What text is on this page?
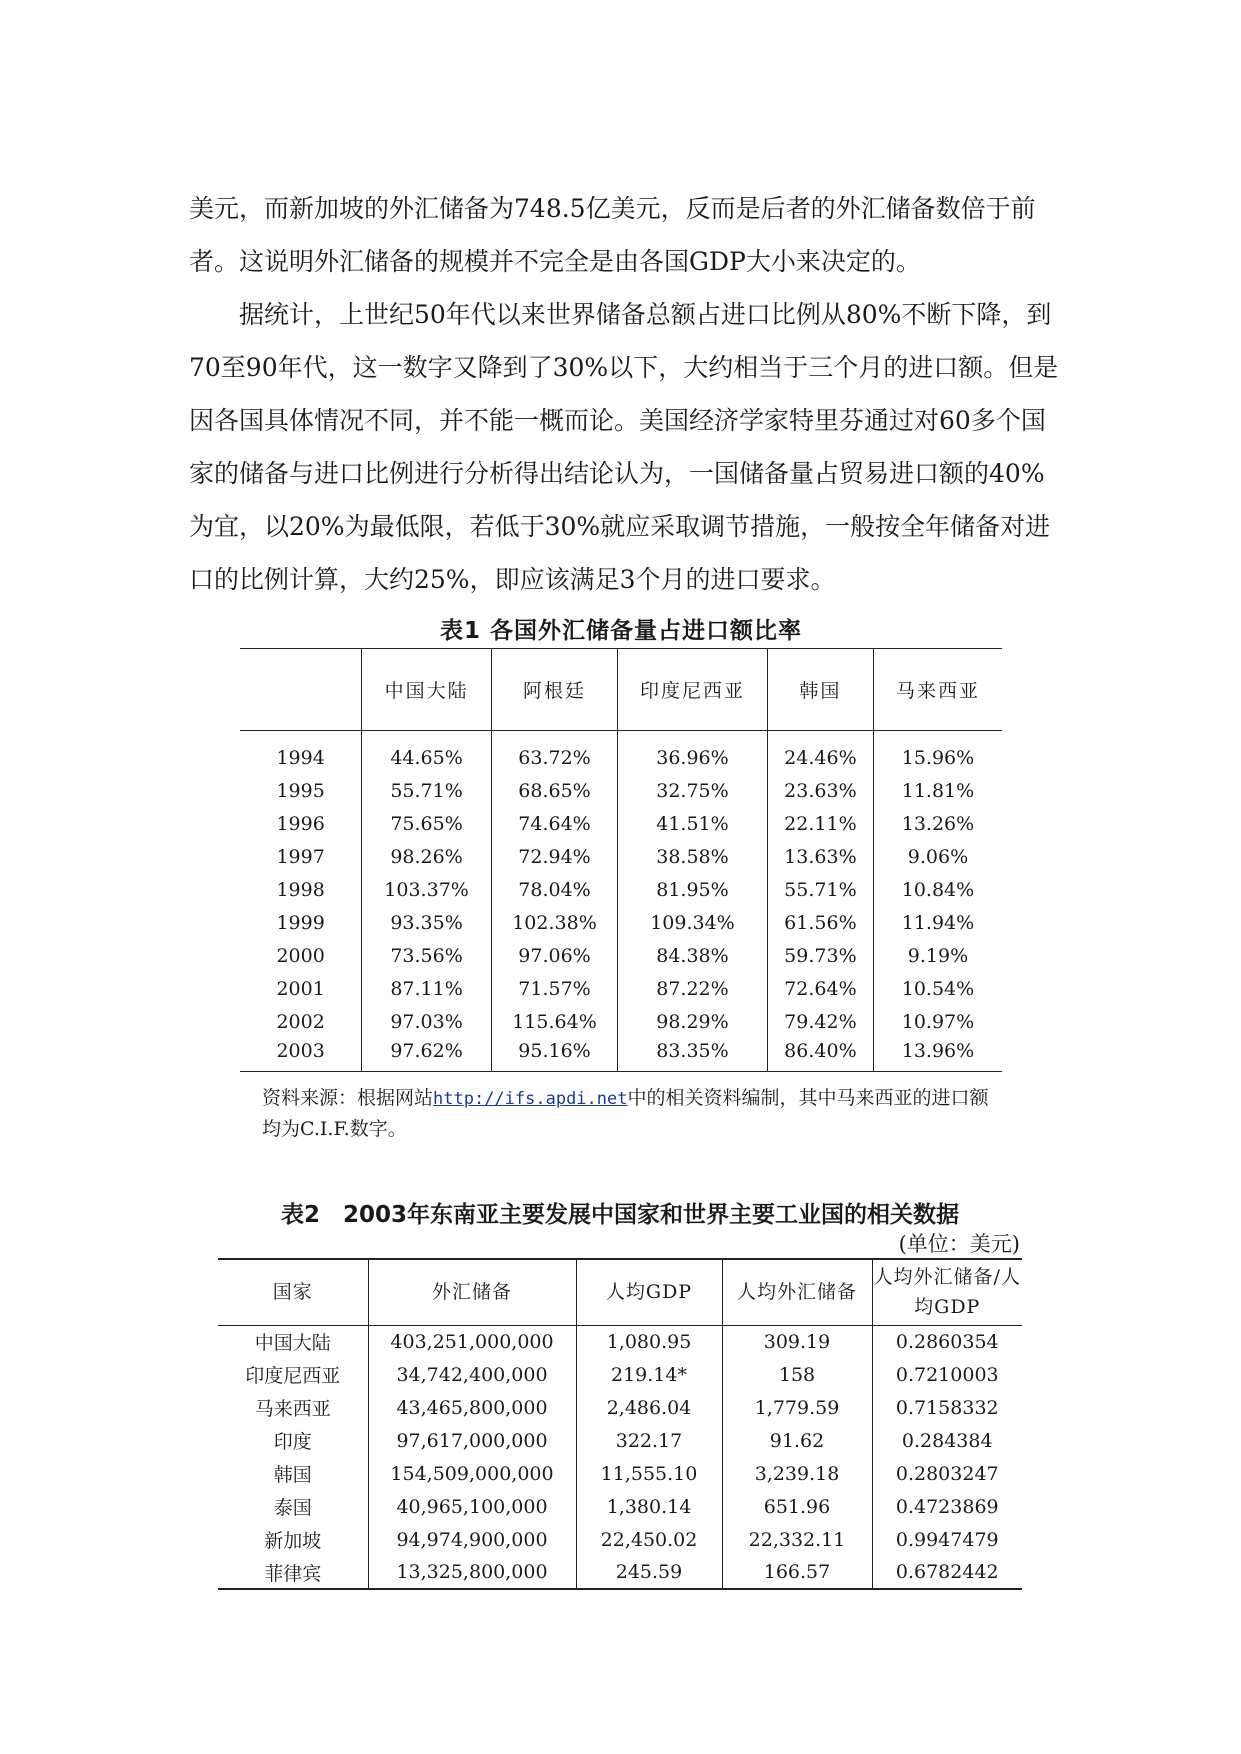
美元，而新加坡的外汇储备为748.5亿美元，反而是后者的外汇储备数倍于前者。这说明外汇储备的规模并不完全是由各国GDP大小来决定的。

据统计，上世纪50年代以来世界储备总额占进口比例从80%不断下降，到70至90年代，这一数字又降到了30%以下，大约相当于三个月的进口额。但是因各国具体情况不同，并不能一概而论。美国经济学家特里芬通过对60多个国家的储备与进口比例进行分析得出结论认为，一国储备量占贸易进口额的40%为宜，以20%为最低限，若低于30%就应采取调节措施，一般按全年储备对进口的比例计算，大约25%，即应该满足3个月的进口要求。

表1 各国外汇储备量占进口额比率
	中国大陆	阿根廷	印度尼西亚	韩国	马来西亚
1994	44.65%	63.72%	36.96%	24.46%	15.96%
1995	55.71%	68.65%	32.75%	23.63%	11.81%
1996	75.65%	74.64%	41.51%	22.11%	13.26%
1997	98.26%	72.94%	38.58%	13.63%	9.06%
1998	103.37%	78.04%	81.95%	55.71%	10.84%
1999	93.35%	102.38%	109.34%	61.56%	11.94%
2000	73.56%	97.06%	84.38%	59.73%	9.19%
2001	87.11%	71.57%	87.22%	72.64%	10.54%
2002	97.03%	115.64%	98.29%	79.42%	10.97%
2003	97.62%	95.16%	83.35%	86.40%	13.96%

资料来源：根据网站http://ifs.apdi.net中的相关资料编制，其中马来西亚的进口额均为C.I.F.数字。

表2　2003年东南亚主要发展中国家和世界主要工业国的相关数据
(单位：美元)
国家	外汇储备	人均GDP	人均外汇储备	人均外汇储备/人均GDP
中国大陆	403,251,000,000	1,080.95	309.19	0.2860354
印度尼西亚	34,742,400,000	219.14*	158	0.7210003
马来西亚	43,465,800,000	2,486.04	1,779.59	0.7158332
印度	97,617,000,000	322.17	91.62	0.284384
韩国	154,509,000,000	11,555.10	3,239.18	0.2803247
泰国	40,965,100,000	1,380.14	651.96	0.4723869
新加坡	94,974,900,000	22,450.02	22,332.11	0.9947479
菲律宾	13,325,800,000	245.59	166.57	0.6782442
